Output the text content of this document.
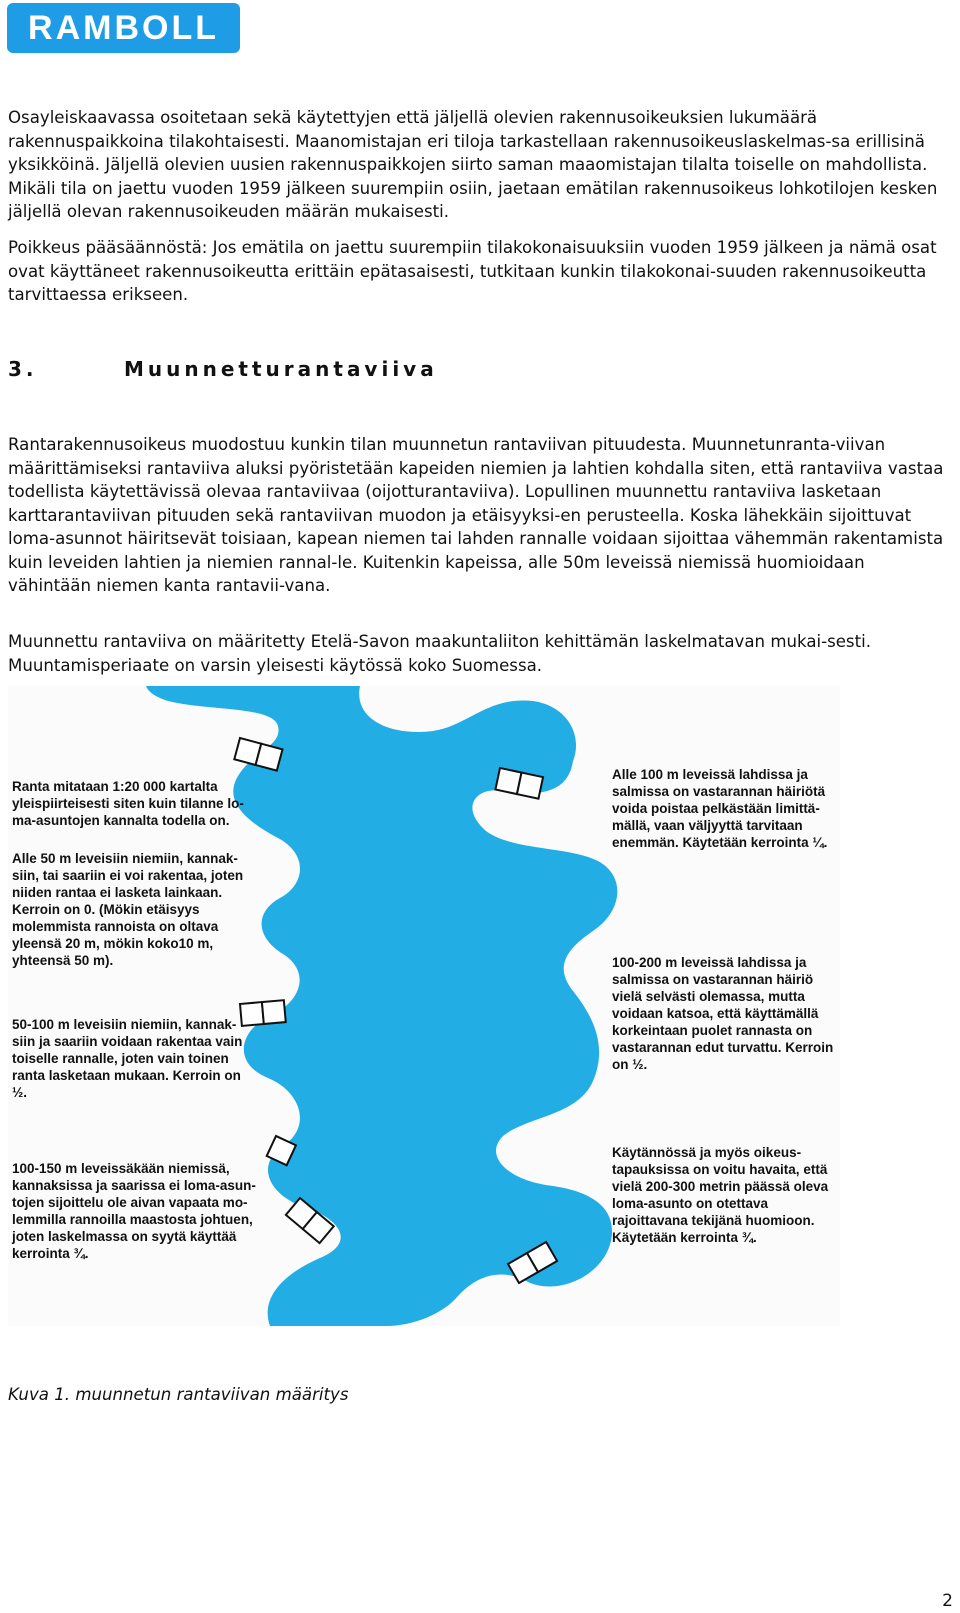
RAMBOLL

Osayleiskaavassa osoitetaan sekä käytettyjen että jäljellä olevien rakennusoikeuksien lukumäärä rakennuspaikkoina tilakohtaisesti. Maanomistajan eri tiloja tarkastellaan rakennusoikeuslaskelmas-sa erillisinä yksikköinä. Jäljellä olevien uusien rakennuspaikkojen siirto saman maaomistajan tilalta toiselle on mahdollista. Mikäli tila on jaettu vuoden 1959 jälkeen suurempiin osiin, jaetaan emätilan rakennusoikeus lohkotilojen kesken jäljellä olevan rakennusoikeuden määrän mukaisesti.

Poikkeus pääsäännöstä: Jos emätila on jaettu suurempiin tilakokonaisuuksiin vuoden 1959 jälkeen ja nämä osat ovat käyttäneet rakennusoikeutta erittäin epätasaisesti, tutkitaan kunkin tilakokonai-suuden rakennusoikeutta tarvittaessa erikseen.

3.	Muunnetturantaviiva

Rantarakennusoikeus muodostuu kunkin tilan muunnetun rantaviivan pituudesta. Muunnetunranta-viivan määrittämiseksi rantaviiva aluksi pyöristetään kapeiden niemien ja lahtien kohdalla siten, että rantaviiva vastaa todellista käytettävissä olevaa rantaviivaa (oijotturantaviiva). Lopullinen muunnettu rantaviiva lasketaan karttarantaviivan pituuden sekä rantaviivan muodon ja etäisyyksi-en perusteella. Koska lähekkäin sijoittuvat loma-asunnot häiritsevät toisiaan, kapean niemen tai lahden rannalle voidaan sijoittaa vähemmän rakentamista kuin leveiden lahtien ja niemien rannal-le. Kuitenkin kapeissa, alle 50m leveissä niemissä huomioidaan vähintään niemen kanta rantavii-vana.

Muunnettu rantaviiva on määritetty Etelä-Savon maakuntaliiton kehittämän laskelmatavan mukai-sesti. Muuntamisperiaate on varsin yleisesti käytössä koko Suomessa.

Ranta mitataan 1:20 000 kartalta yleispiirteisesti siten kuin tilanne lo-ma-asuntojen kannalta todella on.

Alle 50 m leveisiin niemiin, kannak-siin, tai saariin ei voi rakentaa, joten niiden rantaa ei lasketa lainkaan. Kerroin on 0. (Mökin etäisyys molemmista rannoista on oltava yleensä 20 m, mökin koko10 m, yhteensä 50 m).

50-100 m leveisiin niemiin, kannak-siin ja saariin voidaan rakentaa vain toiselle rannalle, joten vain toinen ranta lasketaan mukaan. Kerroin on ½.

100-150 m leveissäkään niemissä, kannaksissa ja saarissa ei loma-asun-tojen sijoittelu ole aivan vapaata mo-lemmilla rannoilla maastosta johtuen, joten laskelmassa on syytä käyttää kerrointa ¾.

Alle 100 m leveissä lahdissa ja salmissa on vastarannan häiriötä voida poistaa pelkästään limittä-mällä, vaan väljyyttä tarvitaan enemmän. Käytetään kerrointa ¼.

100-200 m leveissä lahdissa ja salmissa on vastarannan häiriö vielä selvästi olemassa, mutta voidaan katsoa, että käyttämällä korkeintaan puolet rannasta on vastarannan edut turvattu. Kerroin on ½.

Käytännössä ja myös oikeus-tapauksissa on voitu havaita, että vielä 200-300 metrin päässä oleva loma-asunto on otettava rajoittavana tekijänä huomioon. Käytetään kerrointa ¾.

Kuva 1. muunnetun rantaviivan määritys

2
